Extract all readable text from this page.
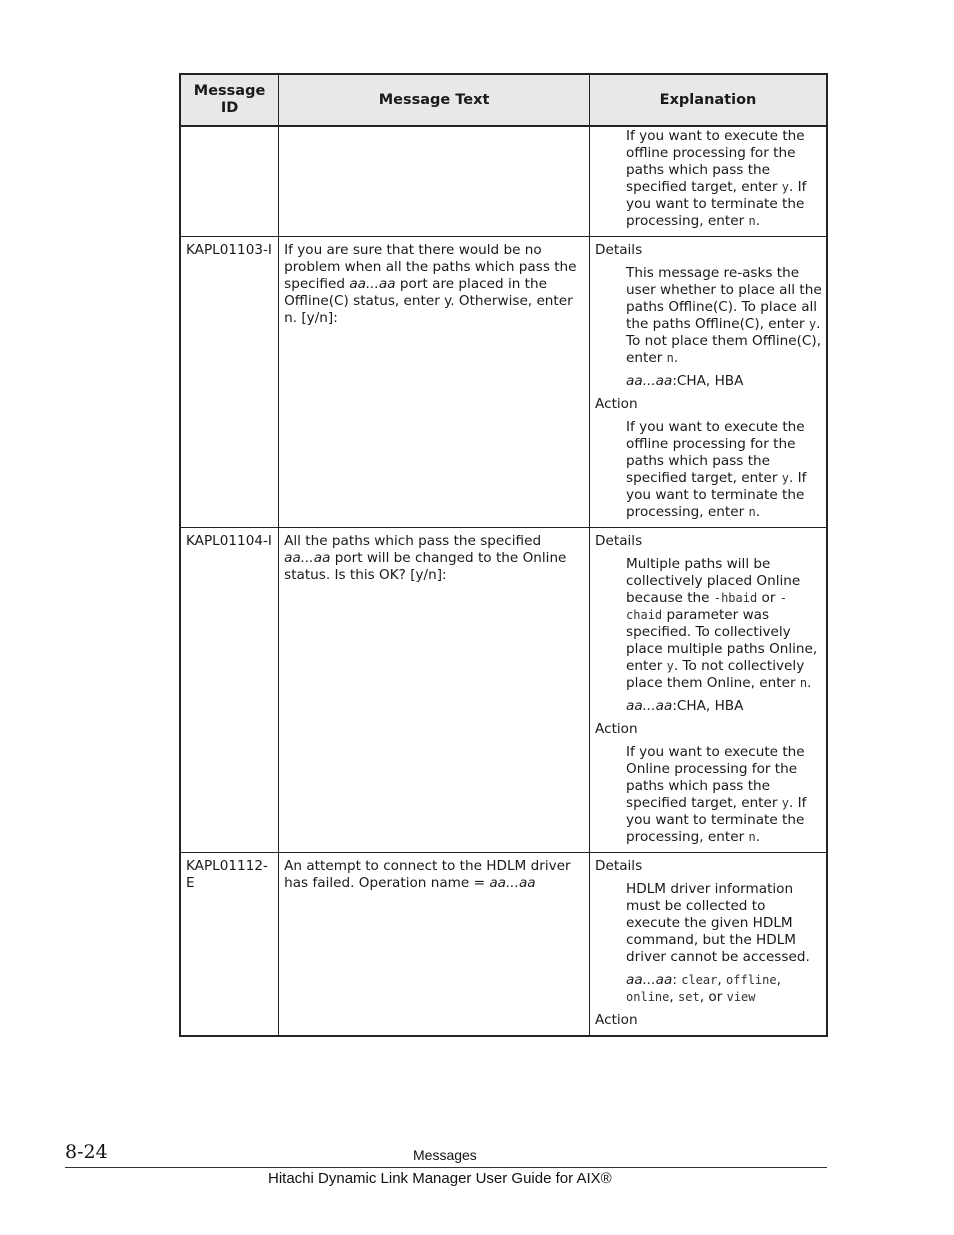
Message ID	Message Text	Explanation

		If you want to execute the offline processing for the paths which pass the specified target, enter y. If you want to terminate the processing, enter n.

KAPL01103-I	If you are sure that there would be no problem when all the paths which pass the specified aa...aa port are placed in the Offline(C) status, enter y. Otherwise, enter n. [y/n]:	Details
This message re-asks the user whether to place all the paths Offline(C). To place all the paths Offline(C), enter y. To not place them Offline(C), enter n.
aa...aa:CHA, HBA
Action
If you want to execute the offline processing for the paths which pass the specified target, enter y. If you want to terminate the processing, enter n.

KAPL01104-I	All the paths which pass the specified aa...aa port will be changed to the Online status. Is this OK? [y/n]:	Details
Multiple paths will be collectively placed Online because the -hbaid or -chaid parameter was specified. To collectively place multiple paths Online, enter y. To not collectively place them Online, enter n.
aa...aa:CHA, HBA
Action
If you want to execute the Online processing for the paths which pass the specified target, enter y. If you want to terminate the processing, enter n.

KAPL01112-E	An attempt to connect to the HDLM driver has failed. Operation name = aa...aa	Details
HDLM driver information must be collected to execute the given HDLM command, but the HDLM driver cannot be accessed.
aa...aa: clear, offline, online, set, or view
Action
8-24	Messages
Hitachi Dynamic Link Manager User Guide for AIX®
